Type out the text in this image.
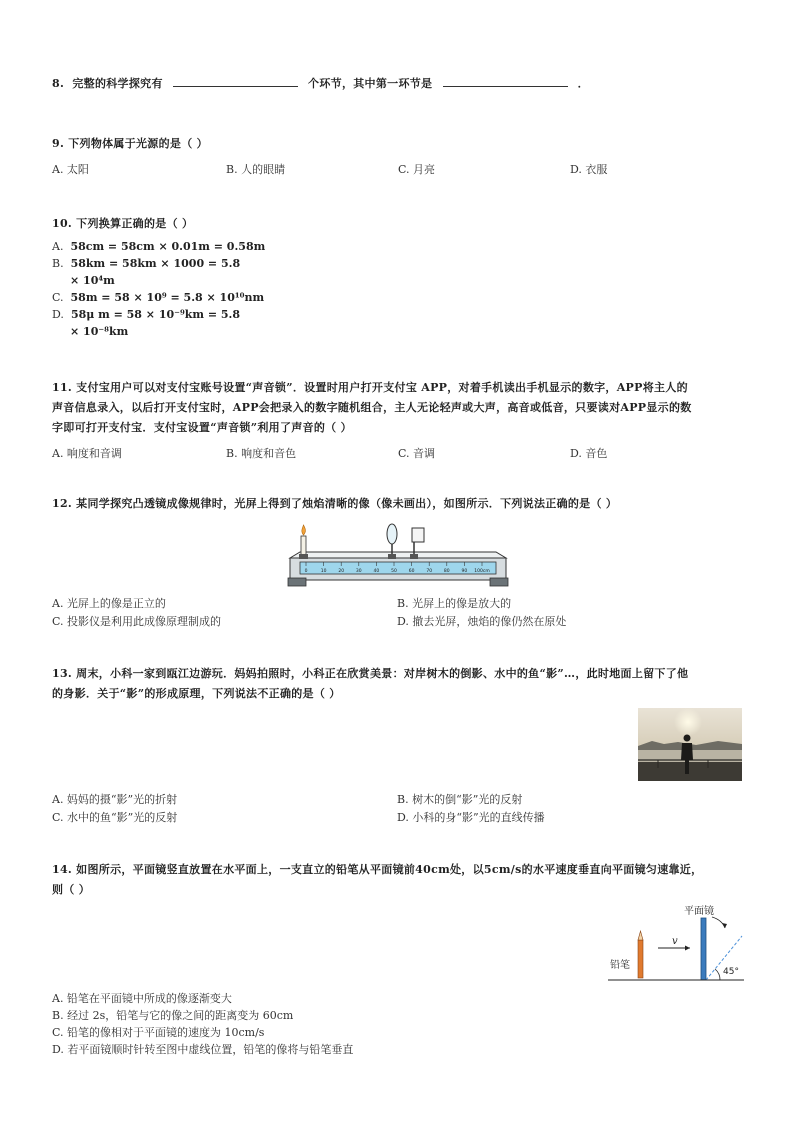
8. 完整的科学探究有	个环节，其中第一环节是	．
9. 下列物体属于光源的是（ ）
A. 太阳	B. 人的眼睛	C. 月亮	D. 衣服
10. 下列换算正确的是（ ）
A. 58cm = 58cm × 0.01m = 0.58m
B. 58km = 58km × 1000 = 5.8
× 10⁴m
C. 58m = 58 × 10⁹ = 5.8 × 10¹⁰nm
D. 58μ m = 58 × 10⁻⁹km = 5.8
× 10⁻⁸km
11. 支付宝用户可以对支付宝账号设置“声音锁”．设置时用户打开支付宝 APP，对着手机读出手机显示的数字，APP将主人的
声音信息录入，以后打开支付宝时，APP会把录入的数字随机组合，主人无论轻声或大声，高音或低音，只要读对APP显示的数
字即可打开支付宝．支付宝设置“声音锁”利用了声音的（ ）
A. 响度和音调	B. 响度和音色	C. 音调	D. 音色
12. 某同学探究凸透镜成像规律时，光屏上得到了烛焰清晰的像（像未画出），如图所示．下列说法正确的是（ ）
0	10	20	30	40	50	60	70	80	90 100cm
A. 光屏上的像是正立的	B. 光屏上的像是放大的
C. 投影仪是利用此成像原理制成的	D. 撤去光屏，烛焰的像仍然在原处
13. 周末，小科一家到瓯江边游玩．妈妈拍照时，小科正在欣赏美景：对岸树木的倒影、水中的鱼“影”…，此时地面上留下了他
的身影．关于“影”的形成原理，下列说法不正确的是（ ）
A. 妈妈的摄“影”光的折射	B. 树木的倒“影”光的反射
C. 水中的鱼“影”光的反射	D. 小科的身“影”光的直线传播
14. 如图所示，平面镜竖直放置在水平面上，一支直立的铅笔从平面镜前40cm处，以5cm/s的水平速度垂直向平面镜匀速靠近，
则（ ）
平面镜
45°
铅笔
v
A. 铅笔在平面镜中所成的像逐渐变大
B. 经过 2s，铅笔与它的像之间的距离变为 60cm
C. 铅笔的像相对于平面镜的速度为 10cm/s
D. 若平面镜顺时针转至图中虚线位置，铅笔的像将与铅笔垂直
